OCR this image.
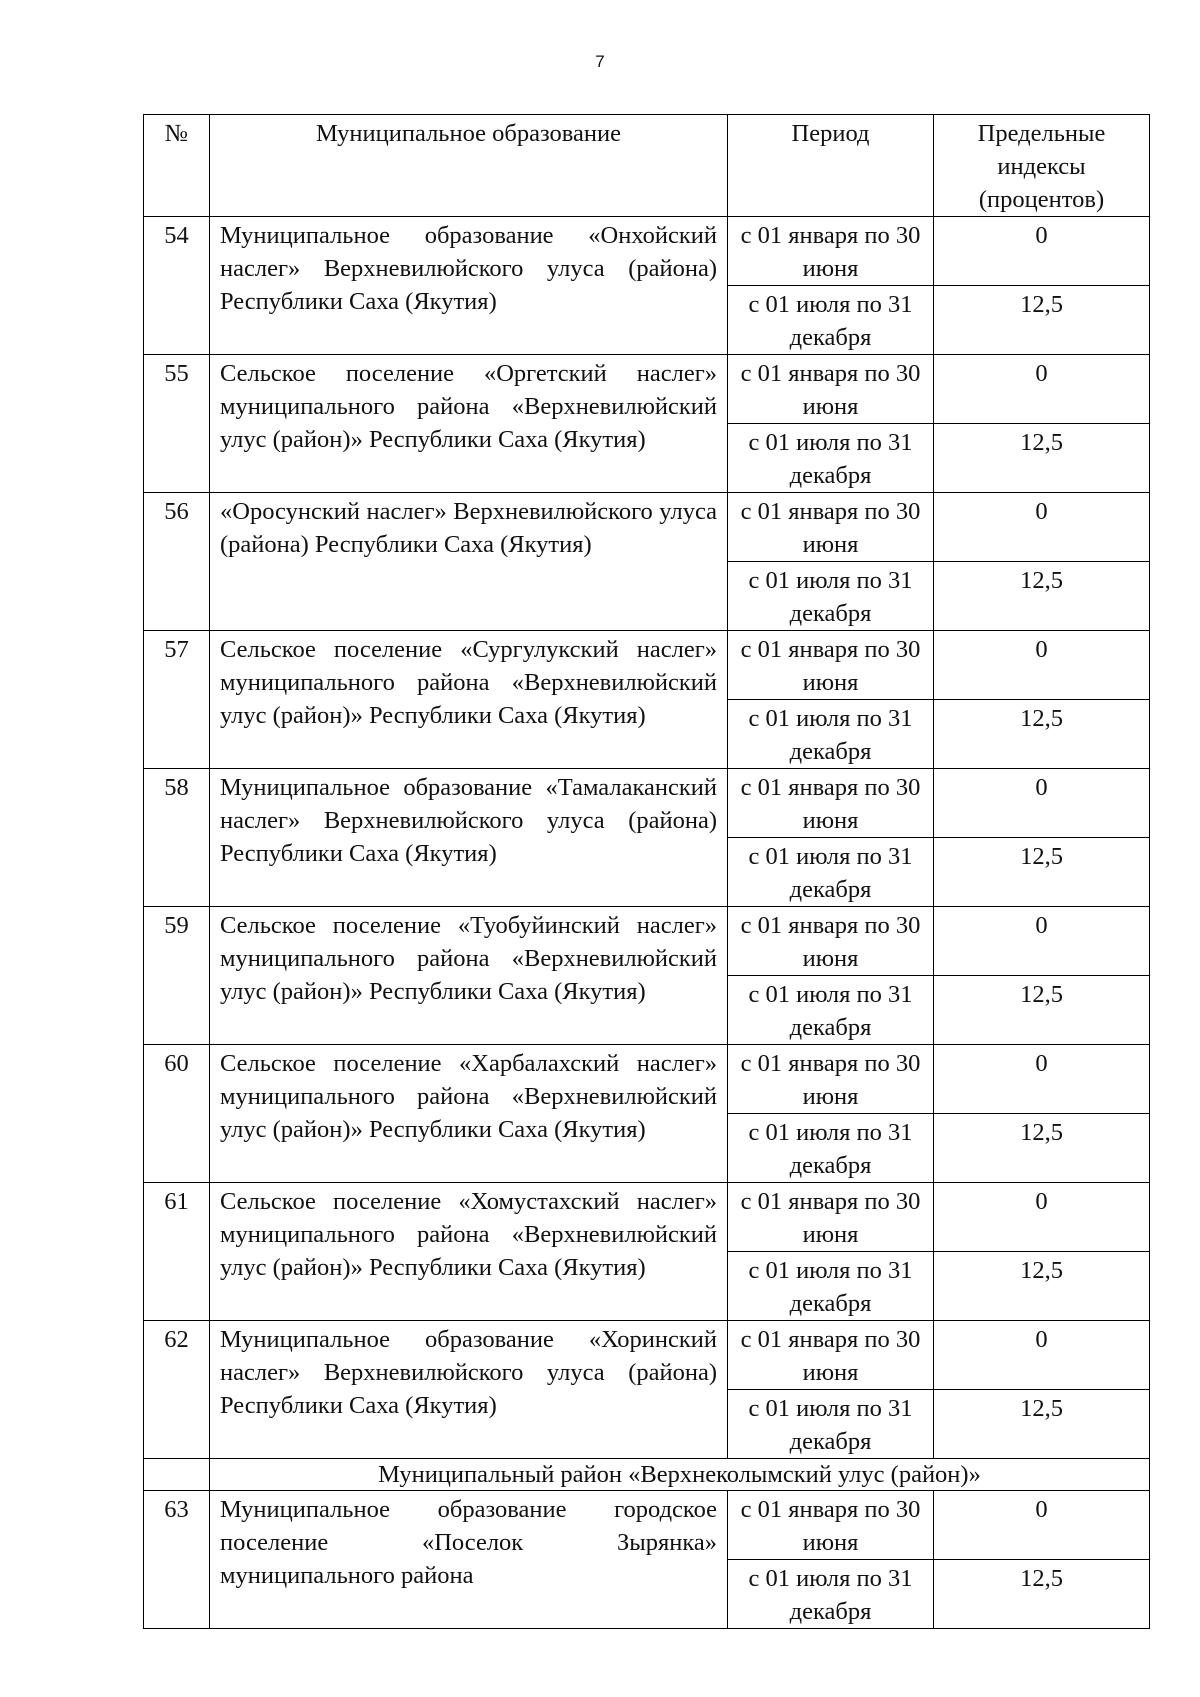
7
№	Муниципальное образование	Период	Предельные индексы (процентов)
54	Муниципальное образование «Онхойский наслег» Верхневилюйского улуса (района) Республики Саха (Якутия)	с 01 января по 30 июня	0
		с 01 июля по 31 декабря	12,5
55	Сельское поселение «Оргетский наслег» муниципального района «Верхневилюйский улус (район)» Республики Саха (Якутия)	с 01 января по 30 июня	0
		с 01 июля по 31 декабря	12,5
56	«Оросунский наслег» Верхневилюйского улуса (района) Республики Саха (Якутия)	с 01 января по 30 июня	0
		с 01 июля по 31 декабря	12,5
57	Сельское поселение «Сургулукский наслег» муниципального района «Верхневилюйский улус (район)» Республики Саха (Якутия)	с 01 января по 30 июня	0
		с 01 июля по 31 декабря	12,5
58	Муниципальное образование «Тамалаканский наслег» Верхневилюйского улуса (района) Республики Саха (Якутия)	с 01 января по 30 июня	0
		с 01 июля по 31 декабря	12,5
59	Сельское поселение «Туобуйинский наслег» муниципального района «Верхневилюйский улус (район)» Республики Саха (Якутия)	с 01 января по 30 июня	0
		с 01 июля по 31 декабря	12,5
60	Сельское поселение «Харбалахский наслег» муниципального района «Верхневилюйский улус (район)» Республики Саха (Якутия)	с 01 января по 30 июня	0
		с 01 июля по 31 декабря	12,5
61	Сельское поселение «Хомустахский наслег» муниципального района «Верхневилюйский улус (район)» Республики Саха (Якутия)	с 01 января по 30 июня	0
		с 01 июля по 31 декабря	12,5
62	Муниципальное образование «Хоринский наслег» Верхневилюйского улуса (района) Республики Саха (Якутия)	с 01 января по 30 июня	0
		с 01 июля по 31 декабря	12,5
	Муниципальный район «Верхнеколымский улус (район)»		
63	Муниципальное образование городское поселение «Поселок Зырянка» муниципального района	с 01 января по 30 июня	0
		с 01 июля по 31 декабря	12,5
